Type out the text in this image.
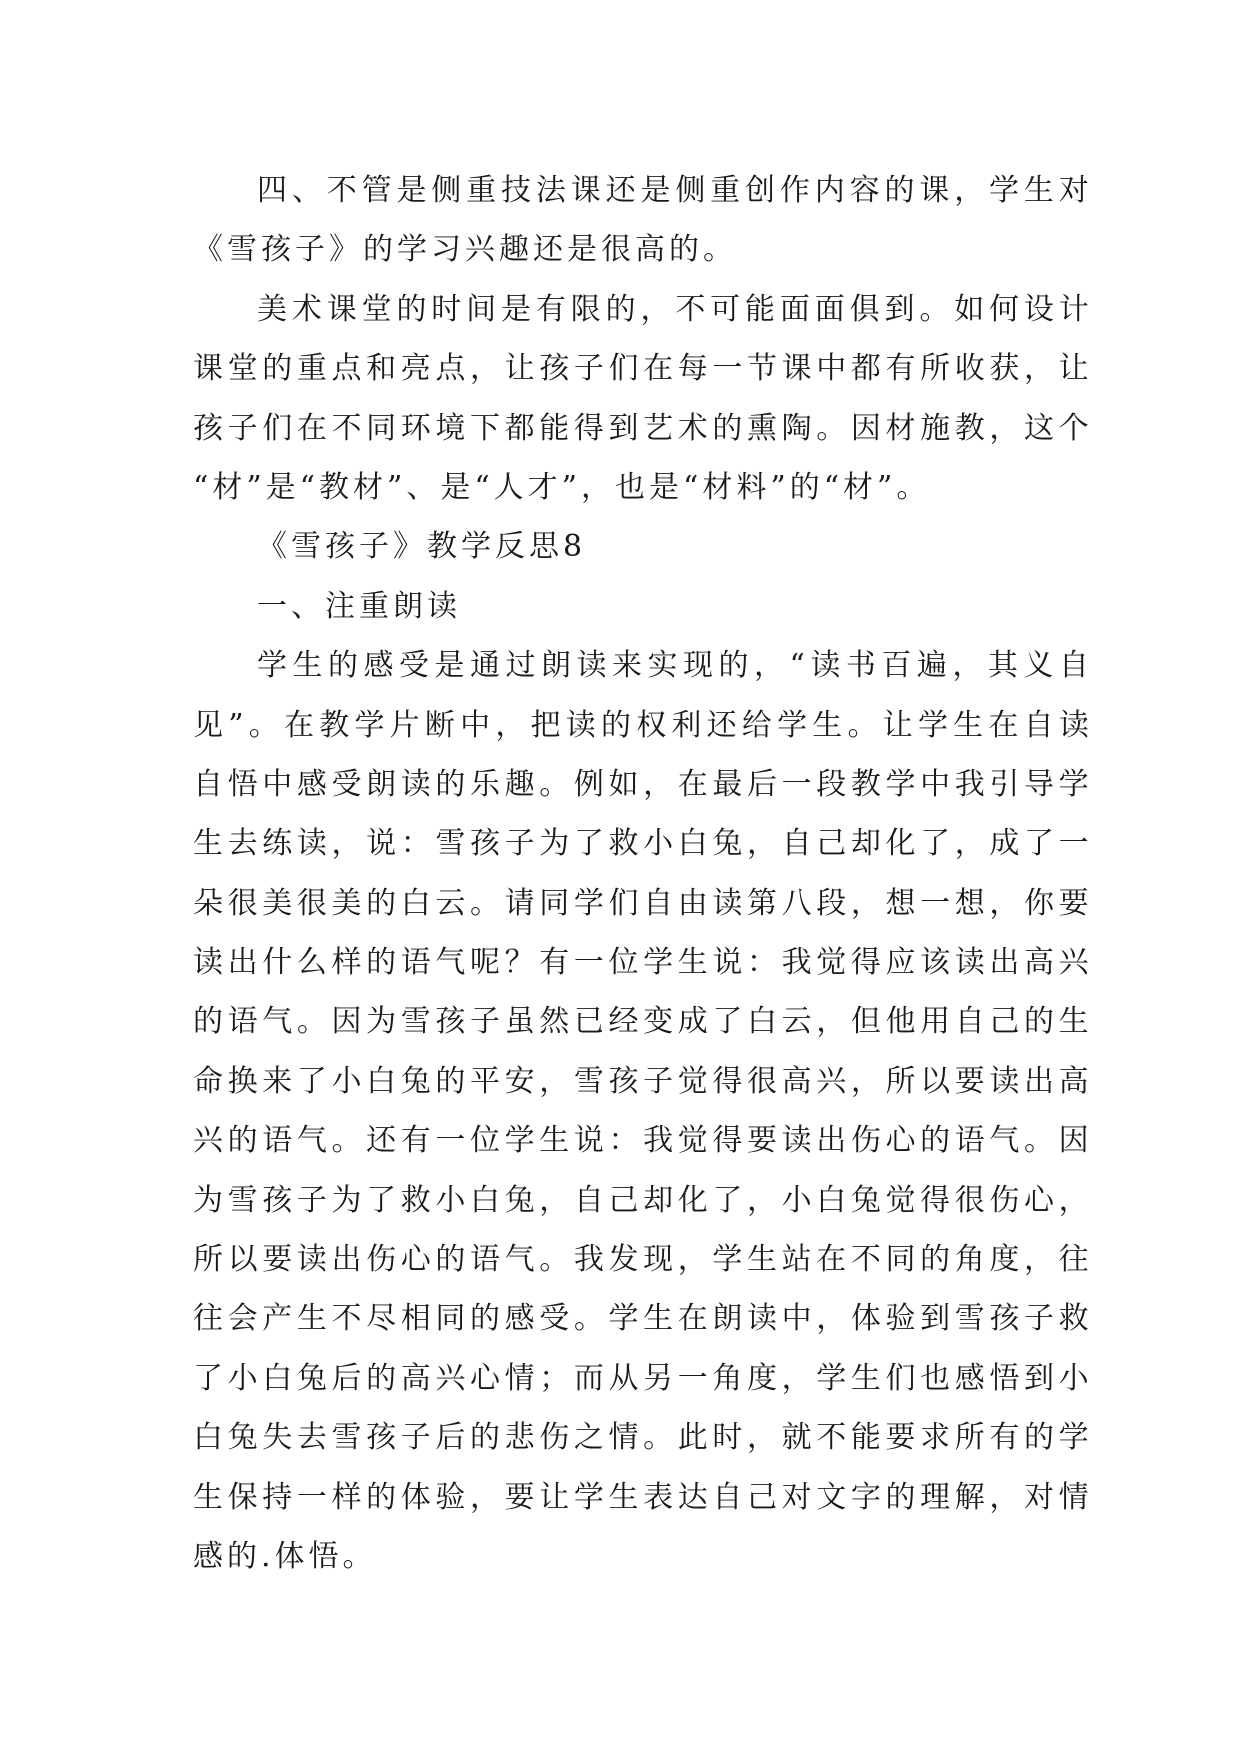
四 、 不 管 是 侧 重 技 法 课 还 是 侧 重 创 作 内 容 的 课 ， 学 生 对
《雪孩子》的学习兴趣还是很高的。
美 术 课 堂 的 时 间 是 有 限 的 ， 不 可 能 面 面 俱 到 。 如 何 设 计
课 堂 的 重 点 和 亮 点 ， 让 孩 子 们 在 每 一 节 课 中 都 有 所 收 获 ， 让
孩 子 们 在 不 同 环 境 下 都 能 得 到 艺 术 的 熏 陶 。 因 材 施 教 ， 这 个
“材”是“教材”、是“人才”，也是“材料”的“材”。
《雪孩子》教学反思8
一、注重朗读
学 生 的 感 受 是 通 过 朗 读 来 实 现 的 ， “ 读 书 百 遍 ， 其 义 自
见 ” 。 在 教 学 片 断 中 ， 把 读 的 权 利 还 给 学 生 。 让 学 生 在 自 读
自 悟 中 感 受 朗 读 的 乐 趣 。 例 如 ， 在 最 后 一 段 教 学 中 我 引 导 学
生 去 练 读 ， 说 ： 雪 孩 子 为 了 救 小 白 兔 ， 自 己 却 化 了 ， 成 了 一
朵 很 美 很 美 的 白 云 。 请 同 学 们 自 由 读 第 八 段 ， 想 一 想 ， 你 要
读 出 什 么 样 的 语 气 呢 ？ 有 一 位 学 生 说 ： 我 觉 得 应 该 读 出 高 兴
的 语 气 。 因 为 雪 孩 子 虽 然 已 经 变 成 了 白 云 ， 但 他 用 自 己 的 生
命 换 来 了 小 白 兔 的 平 安 ， 雪 孩 子 觉 得 很 高 兴 ， 所 以 要 读 出 高
兴 的 语 气 。 还 有 一 位 学 生 说 ： 我 觉 得 要 读 出 伤 心 的 语 气 。 因
为 雪 孩 子 为 了 救 小 白 兔 ， 自 己 却 化 了 ， 小 白 兔 觉 得 很 伤 心 ，
所 以 要 读 出 伤 心 的 语 气 。 我 发 现 ， 学 生 站 在 不 同 的 角 度 ， 往
往 会 产 生 不 尽 相 同 的 感 受 。 学 生 在 朗 读 中 ， 体 验 到 雪 孩 子 救
了 小 白 兔 后 的 高 兴 心 情 ； 而 从 另 一 角 度 ， 学 生 们 也 感 悟 到 小
白 兔 失 去 雪 孩 子 后 的 悲 伤 之 情 。 此 时 ， 就 不 能 要 求 所 有 的 学
生 保 持 一 样 的 体 验 ， 要 让 学 生 表 达 自 己 对 文 字 的 理 解 ， 对 情
感的.体悟。
